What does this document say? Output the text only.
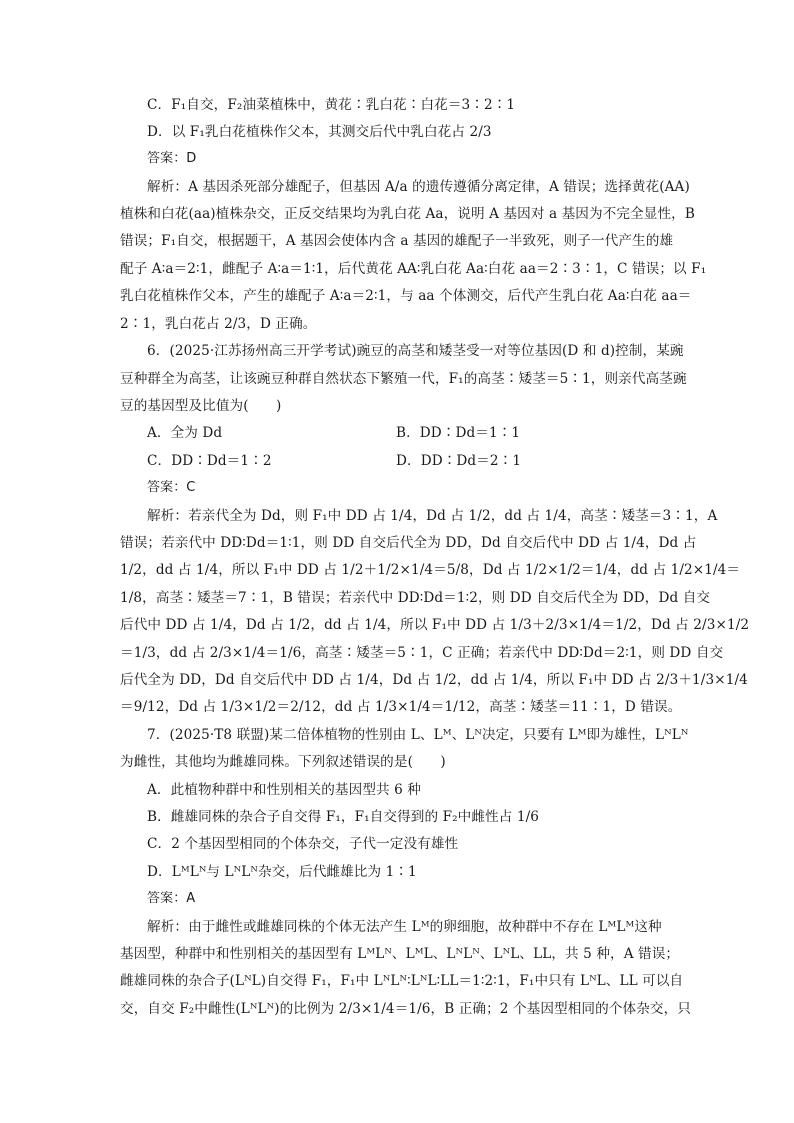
C．F₁自交，F₂油菜植株中，黄花∶乳白花∶白花＝3∶2∶1
D．以 F₁乳白花植株作父本，其测交后代中乳白花占 2/3
答案：D
解析：A 基因杀死部分雄配子，但基因 A/a 的遗传遵循分离定律，A 错误；选择黄花(AA)
植株和白花(aa)植株杂交，正反交结果均为乳白花 Aa，说明 A 基因对 a 基因为不完全显性，B
错误；F₁自交，根据题干，A 基因会使体内含 a 基因的雄配子一半致死，则子一代产生的雄
配子 A∶a＝2∶1，雌配子 A∶a＝1∶1，后代黄花 AA∶乳白花 Aa∶白花 aa＝2∶3∶1，C 错误；以 F₁
乳白花植株作父本，产生的雄配子 A∶a＝2∶1，与 aa 个体测交，后代产生乳白花 Aa∶白花 aa＝
2∶1，乳白花占 2/3，D 正确。
6．(2025·江苏扬州高三开学考试)豌豆的高茎和矮茎受一对等位基因(D 和 d)控制，某豌
豆种群全为高茎，让该豌豆种群自然状态下繁殖一代，F₁的高茎∶矮茎＝5∶1，则亲代高茎豌
豆的基因型及比值为(　　)
A．全为 Dd	B．DD∶Dd＝1∶1
C．DD∶Dd＝1∶2	D．DD∶Dd＝2∶1
答案：C
解析：若亲代全为 Dd，则 F₁中 DD 占 1/4，Dd 占 1/2，dd 占 1/4，高茎∶矮茎＝3∶1，A
错误；若亲代中 DD∶Dd＝1∶1，则 DD 自交后代全为 DD，Dd 自交后代中 DD 占 1/4，Dd 占
1/2，dd 占 1/4，所以 F₁中 DD 占 1/2＋1/2×1/4＝5/8，Dd 占 1/2×1/2＝1/4，dd 占 1/2×1/4＝
1/8，高茎∶矮茎＝7∶1，B 错误；若亲代中 DD∶Dd＝1∶2，则 DD 自交后代全为 DD，Dd 自交
后代中 DD 占 1/4，Dd 占 1/2，dd 占 1/4，所以 F₁中 DD 占 1/3＋2/3×1/4＝1/2，Dd 占 2/3×1/2
＝1/3，dd 占 2/3×1/4＝1/6，高茎∶矮茎＝5∶1，C 正确；若亲代中 DD∶Dd＝2∶1，则 DD 自交
后代全为 DD，Dd 自交后代中 DD 占 1/4，Dd 占 1/2，dd 占 1/4，所以 F₁中 DD 占 2/3＋1/3×1/4
＝9/12，Dd 占 1/3×1/2＝2/12，dd 占 1/3×1/4＝1/12，高茎∶矮茎＝11∶1，D 错误。
7．(2025·T8 联盟)某二倍体植物的性别由 L、Lᴹ、Lᴺ决定，只要有 Lᴹ即为雄性，LᴺLᴺ
为雌性，其他均为雌雄同株。下列叙述错误的是(　　)
A．此植物种群中和性别相关的基因型共 6 种
B．雌雄同株的杂合子自交得 F₁，F₁自交得到的 F₂中雌性占 1/6
C．2 个基因型相同的个体杂交，子代一定没有雄性
D．LᴹLᴺ与 LᴺLᴺ杂交，后代雌雄比为 1∶1
答案：A
解析：由于雌性或雌雄同株的个体无法产生 Lᴹ的卵细胞，故种群中不存在 LᴹLᴹ这种
基因型，种群中和性别相关的基因型有 LᴹLᴺ、LᴹL、LᴺLᴺ、LᴺL、LL，共 5 种，A 错误；
雌雄同株的杂合子(LᴺL)自交得 F₁，F₁中 LᴺLᴺ∶LᴺL∶LL＝1∶2∶1，F₁中只有 LᴺL、LL 可以自
交，自交 F₂中雌性(LᴺLᴺ)的比例为 2/3×1/4＝1/6，B 正确；2 个基因型相同的个体杂交，只
